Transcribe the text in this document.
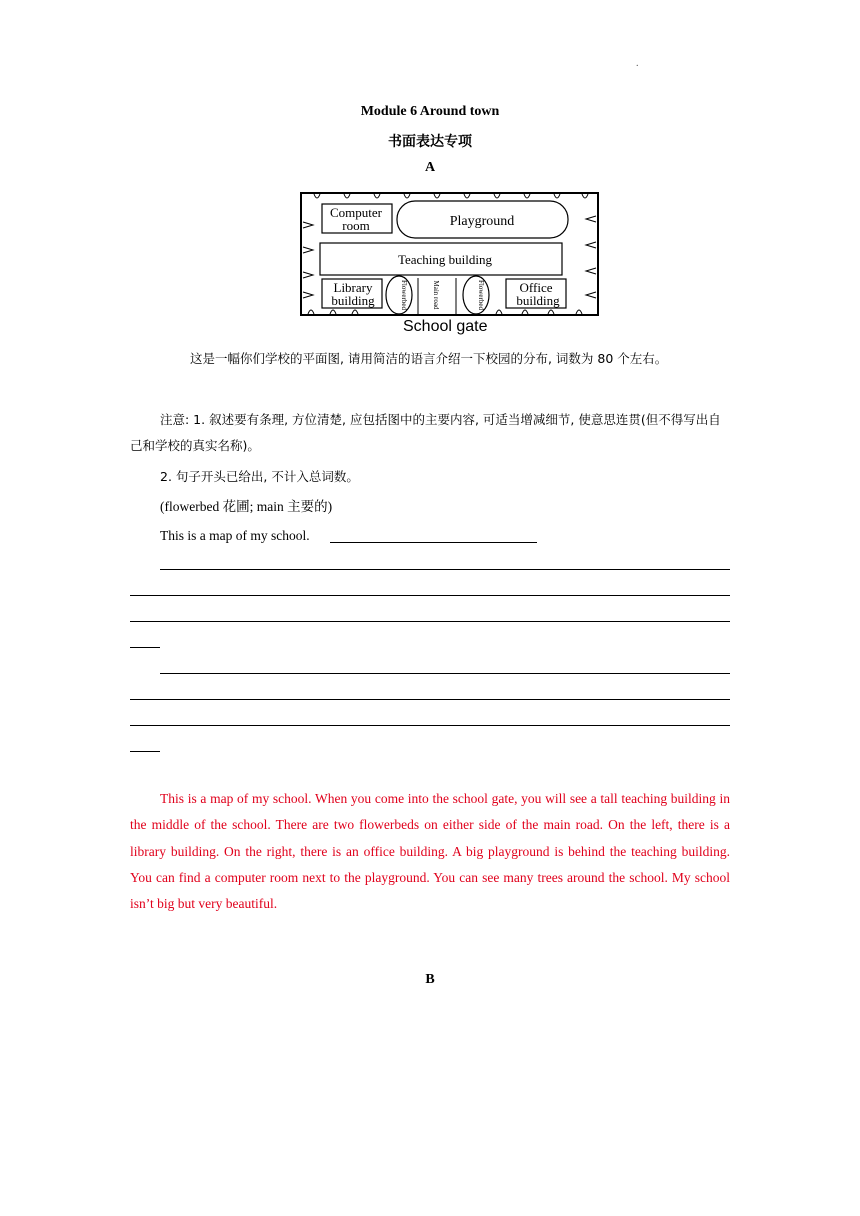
.
Module 6 Around town
书面表达专项
A
Computer
room	Playground
Teaching building
Library
building	Flowerbed	Main road	Flowerbed	Office
building
School gate
这是一幅你们学校的平面图, 请用简洁的语言介绍一下校园的分布, 词数为 80 个左右。
注意: 1. 叙述要有条理, 方位清楚, 应包括图中的主要内容, 可适当增减细节, 使意思连贯(但不得写出自己和学校的真实名称)。
2. 句子开头已给出, 不计入总词数。
(flowerbed 花圃; main 主要的)
This is a map of my school.
This is a map of my school. When you come into the school gate, you will see a tall teaching building in the middle of the school. There are two flowerbeds on either side of the main road. On the left, there is a library building. On the right, there is an office building. A big playground is behind the teaching building. You can find a computer room next to the playground. You can see many trees around the school. My school isn’t big but very beautiful.
B
